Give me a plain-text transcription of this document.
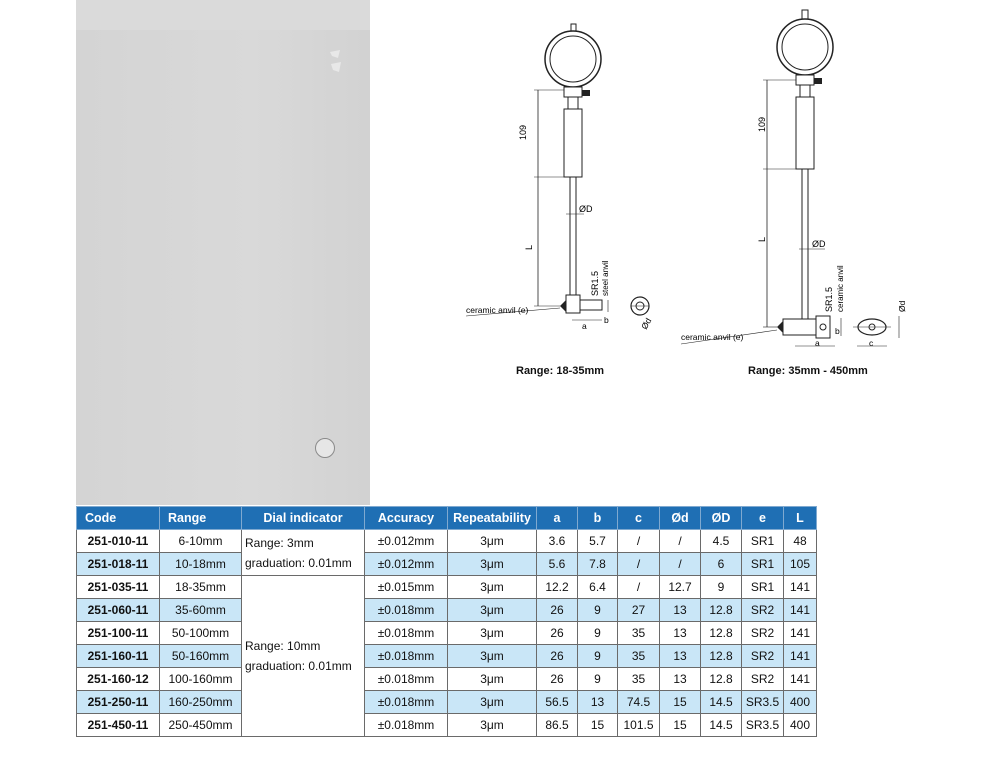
109
L
ØD
SR1.5 steel anvil
ceramic anvil (e)
a
b	Ød
Range: 18-35mm
109
L	ØD
SR1.5 ceramic anvil
ceramic anvil (e)
a
b
c
Ød
Range: 35mm - 450mm
Code	Range	Dial indicator	Accuracy	Repeatability	a	b	c	Ød	ØD	e	L
251-010-11	6-10mm	Range: 3mm
graduation: 0.01mm	±0.012mm	3μm	3.6	5.7	/	/	4.5	SR1	48
251-018-11	10-18mm		±0.012mm	3μm	5.6	7.8	/	/	6	SR1	105
251-035-11	18-35mm	Range: 10mm
graduation: 0.01mm	±0.015mm	3μm	12.2	6.4	/	12.7	9	SR1	141
251-060-11	35-60mm		±0.018mm	3μm	26	9	27	13	12.8	SR2	141
251-100-11	50-100mm		±0.018mm	3μm	26	9	35	13	12.8	SR2	141
251-160-11	50-160mm		±0.018mm	3μm	26	9	35	13	12.8	SR2	141
251-160-12	100-160mm		±0.018mm	3μm	26	9	35	13	12.8	SR2	141
251-250-11	160-250mm		±0.018mm	3μm	56.5	13	74.5	15	14.5	SR3.5	400
251-450-11	250-450mm		±0.018mm	3μm	86.5	15	101.5	15	14.5	SR3.5	400
